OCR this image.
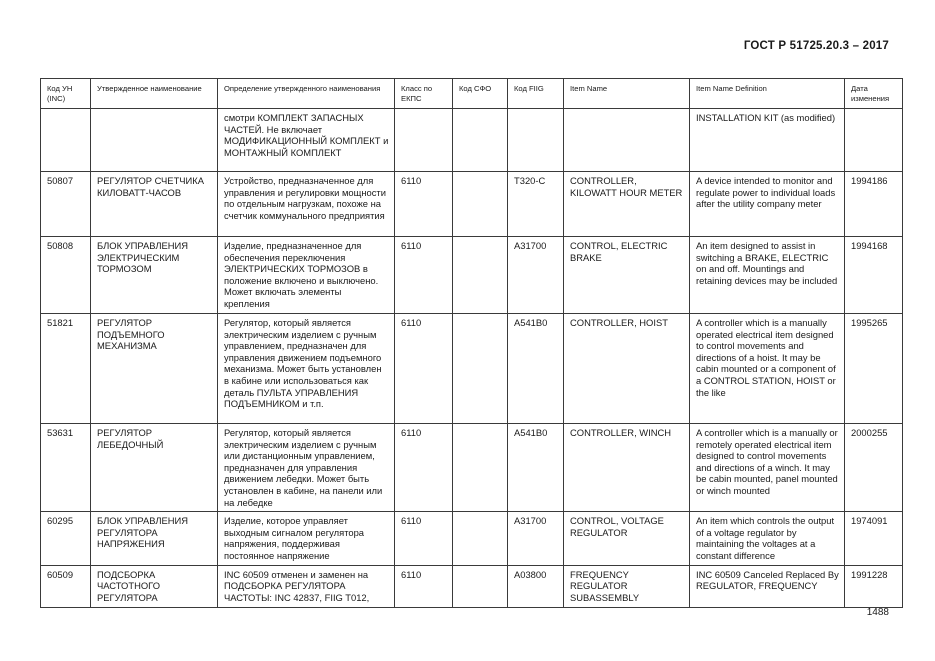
ГОСТ Р 51725.20.3 – 2017
Код УН (INC)	Утвержденное наименование	Определение утвержденного наименования	Класс по ЕКПС	Код СФО	Код FIIG	Item Name	Item Name Definition	Дата изменения
		смотри КОМПЛЕКТ ЗАПАСНЫХ ЧАСТЕЙ. Не включает МОДИФИКАЦИОННЫЙ КОМПЛЕКТ и МОНТАЖНЫЙ КОМПЛЕКТ					INSTALLATION KIT (as modified)	
50807	РЕГУЛЯТОР СЧЕТЧИКА КИЛОВАТТ-ЧАСОВ	Устройство, предназначенное для управления и регулировки мощности по отдельным нагрузкам, похоже на счетчик коммунального предприятия	6110		T320-C	CONTROLLER, KILOWATT HOUR METER	A device intended to monitor and regulate power to individual loads after the utility company meter	1994186
50808	БЛОК УПРАВЛЕНИЯ ЭЛЕКТРИЧЕСКИМ ТОРМОЗОМ	Изделие, предназначенное для обеспечения переключения ЭЛЕКТРИЧЕСКИХ ТОРМОЗОВ в положение включено и выключено. Может включать элементы крепления	6110		A31700	CONTROL, ELECTRIC BRAKE	An item designed to assist in switching a BRAKE, ELECTRIC on and off. Mountings and retaining devices may be included	1994168
51821	РЕГУЛЯТОР ПОДЪЕМНОГО МЕХАНИЗМА	Регулятор, который является электрическим изделием с ручным управлением, предназначен для управления движением подъемного механизма. Может быть установлен в кабине или использоваться как деталь ПУЛЬТА УПРАВЛЕНИЯ ПОДЪЕМНИКОМ и т.п.	6110		A541B0	CONTROLLER, HOIST	A controller which is a manually operated electrical item designed to control movements and directions of a hoist. It may be cabin mounted or a component of a CONTROL STATION, HOIST or the like	1995265
53631	РЕГУЛЯТОР ЛЕБЕДОЧНЫЙ	Регулятор, который является электрическим изделием с ручным или дистанционным управлением, предназначен для управления движением лебедки. Может быть установлен в кабине, на панели или на лебедке	6110		A541B0	CONTROLLER, WINCH	A controller which is a manually or remotely operated electrical item designed to control movements and directions of a winch. It may be cabin mounted, panel mounted or winch mounted	2000255
60295	БЛОК УПРАВЛЕНИЯ РЕГУЛЯТОРА НАПРЯЖЕНИЯ	Изделие, которое управляет выходным сигналом регулятора напряжения, поддерживая постоянное напряжение	6110		A31700	CONTROL, VOLTAGE REGULATOR	An item which controls the output of a voltage regulator by maintaining the voltages at a constant difference	1974091
60509	ПОДСБОРКА ЧАСТОТНОГО РЕГУЛЯТОРА	INC 60509 отменен и заменен на ПОДСБОРКА РЕГУЛЯТОРА ЧАСТОТЫ: INC 42837, FIIG T012,	6110		A03800	FREQUENCY REGULATOR SUBASSEMBLY	INC 60509 Canceled Replaced By REGULATOR, FREQUENCY	1991228
1488
